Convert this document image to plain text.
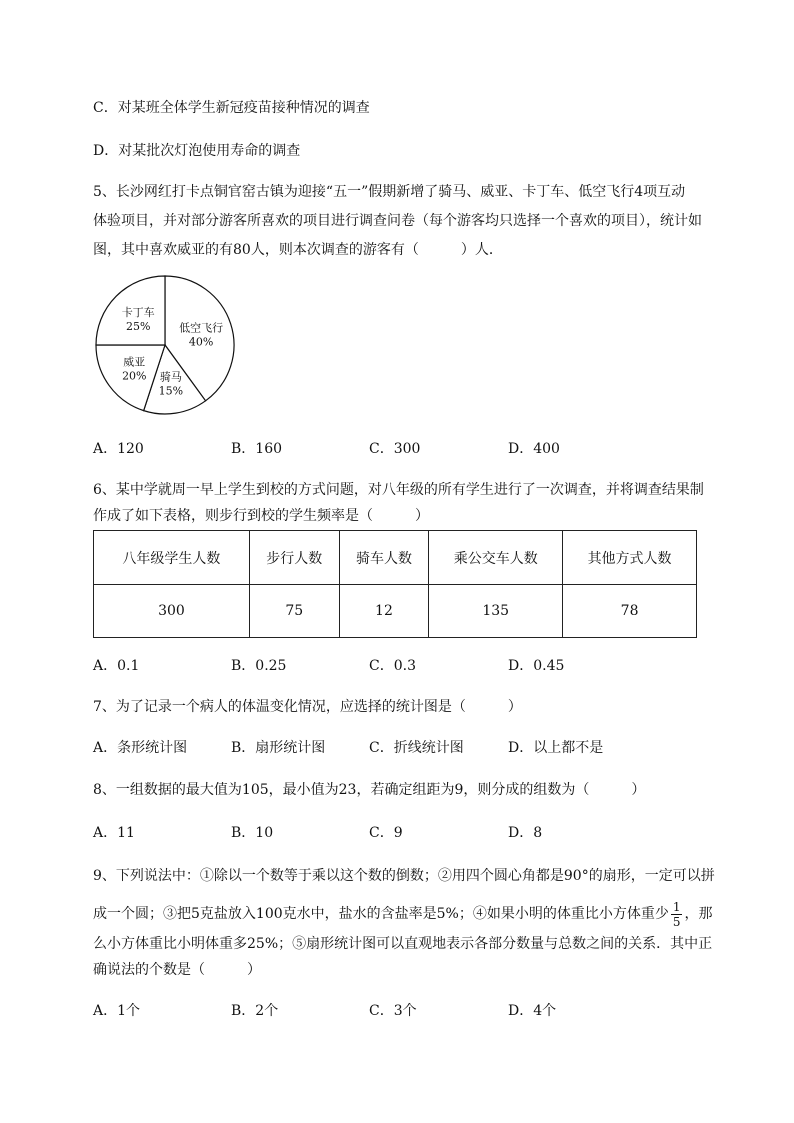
C．对某班全体学生新冠疫苗接种情况的调查
D．对某批次灯泡使用寿命的调查
5、长沙网红打卡点铜官窑古镇为迎接“五一”假期新增了骑马、威亚、卡丁车、低空飞行4项互动
体验项目，并对部分游客所喜欢的项目进行调查问卷（每个游客均只选择一个喜欢的项目），统计如
图，其中喜欢威亚的有80人，则本次调查的游客有（　　　）人．
低空飞行
40%
骑马
15%
威亚
20%
卡丁车
25%
A．120	B．160	C．300	D．400
6、某中学就周一早上学生到校的方式问题，对八年级的所有学生进行了一次调查，并将调查结果制
作成了如下表格，则步行到校的学生频率是（　　　）
八年级学生人数	步行人数	骑车人数	乘公交车人数	其他方式人数
300	75	12	135	78
A．0.1	B．0.25	C．0.3	D．0.45
7、为了记录一个病人的体温变化情况，应选择的统计图是（　　　）
A．条形统计图	B．扇形统计图	C．折线统计图	D．以上都不是
8、一组数据的最大值为105，最小值为23，若确定组距为9，则分成的组数为（　　　）
A．11	B．10	C．9	D．8
9、下列说法中：①除以一个数等于乘以这个数的倒数；②用四个圆心角都是90°的扇形，一定可以拼
成一个圆；③把5克盐放入100克水中，盐水的含盐率是5%；④如果小明的体重比小方体重少 $\frac{1}{5}$ ，那
么小方体重比小明体重多25%；⑤扇形统计图可以直观地表示各部分数量与总数之间的关系．其中正
确说法的个数是（　　　）
A．1个	B．2个	C．3个	D．4个
